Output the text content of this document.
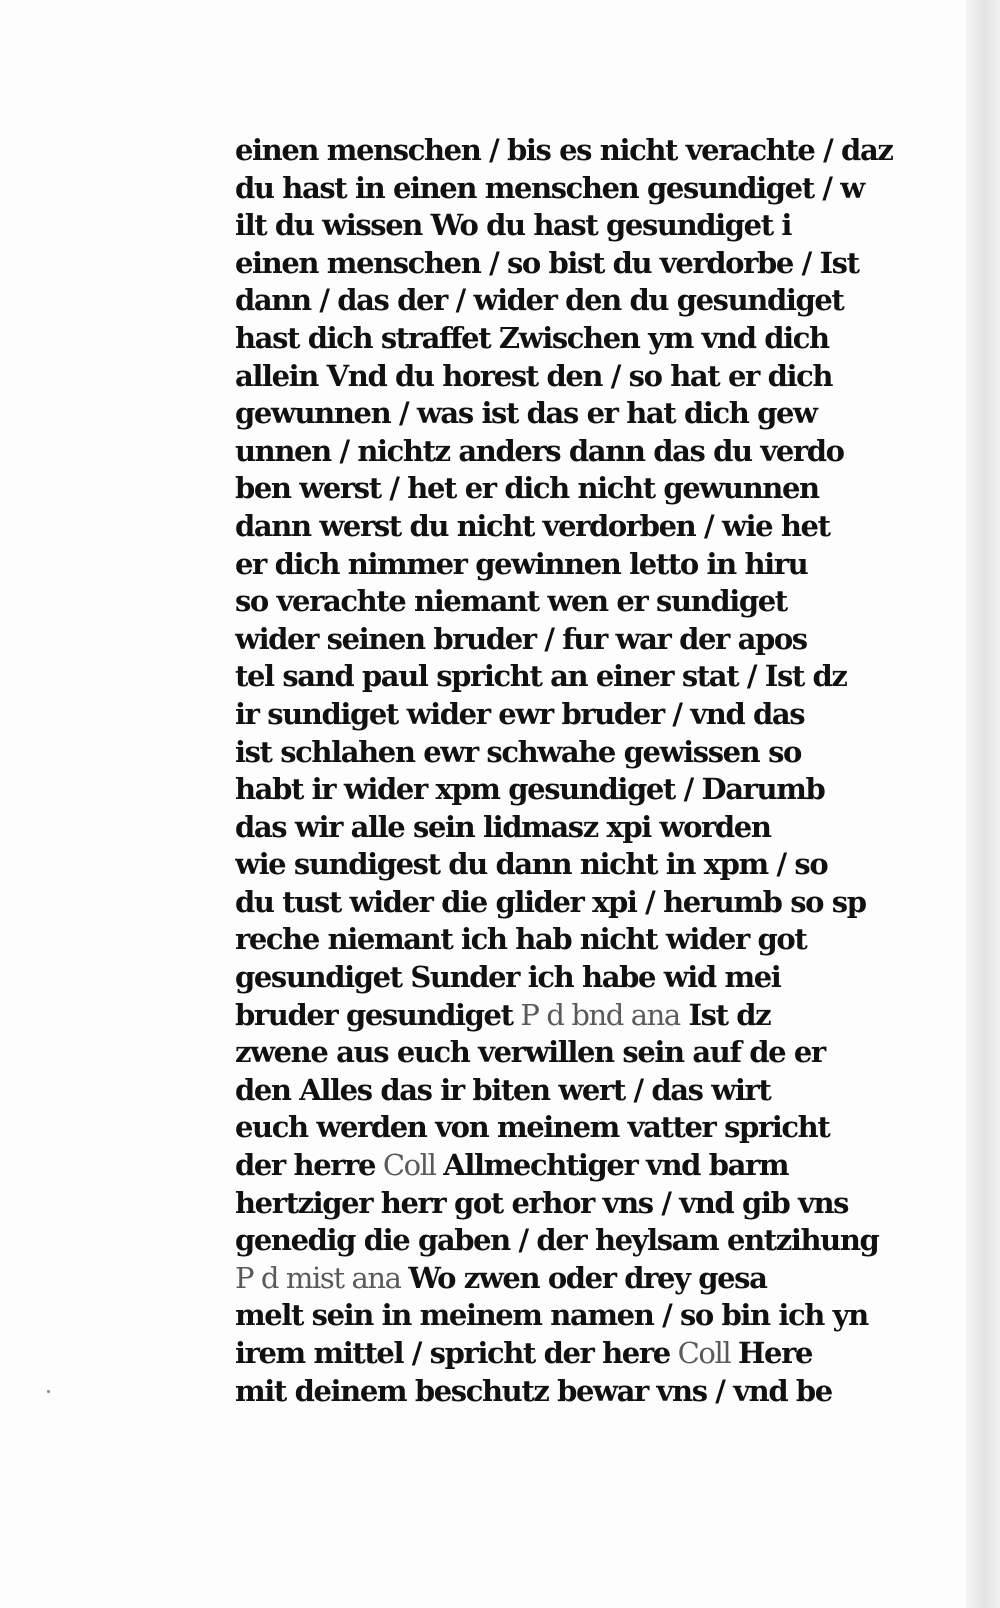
einen menschen / bis es nicht verachte / daz
du hast in einen menschen gesundiget / w
ilt du wissen Wo du hast gesundiget i
einen menschen / so bist du verdorbe / Ist
dann / das der / wider den du gesundiget
hast dich straffet Zwischen ym vnd dich
allein Vnd du horest den / so hat er dich
gewunnen / was ist das er hat dich gew
unnen / nichtz anders dann das du verdo
ben werst / het er dich nicht gewunnen
dann werst du nicht verdorben / wie het
er dich nimmer gewinnen letto in hiru
so verachte niemant wen er sundiget
wider seinen bruder / fur war der apos
tel sand paul spricht an einer stat / Ist dz
ir sundiget wider ewr bruder / vnd das
ist schlahen ewr schwahe gewissen so
habt ir wider xpm gesundiget / Darumb
das wir alle sein lidmasz xpi worden
wie sundigest du dann nicht in xpm / so
du tust wider die glider xpi / herumb so sp
reche niemant ich hab nicht wider got
gesundiget Sunder ich habe wid mei
bruder gesundiget P d bnd ana Ist dz
zwene aus euch verwillen sein auf de er
den Alles das ir biten wert / das wirt
euch werden von meinem vatter spricht
der herre Coll Allmechtiger vnd barm
hertziger herr got erhor vns / vnd gib vns
genedig die gaben / der heylsam entzihung
P d mist ana Wo zwen oder drey gesa
melt sein in meinem namen / so bin ich yn
irem mittel / spricht der here Coll Here
mit deinem beschutz bewar vns / vnd be
